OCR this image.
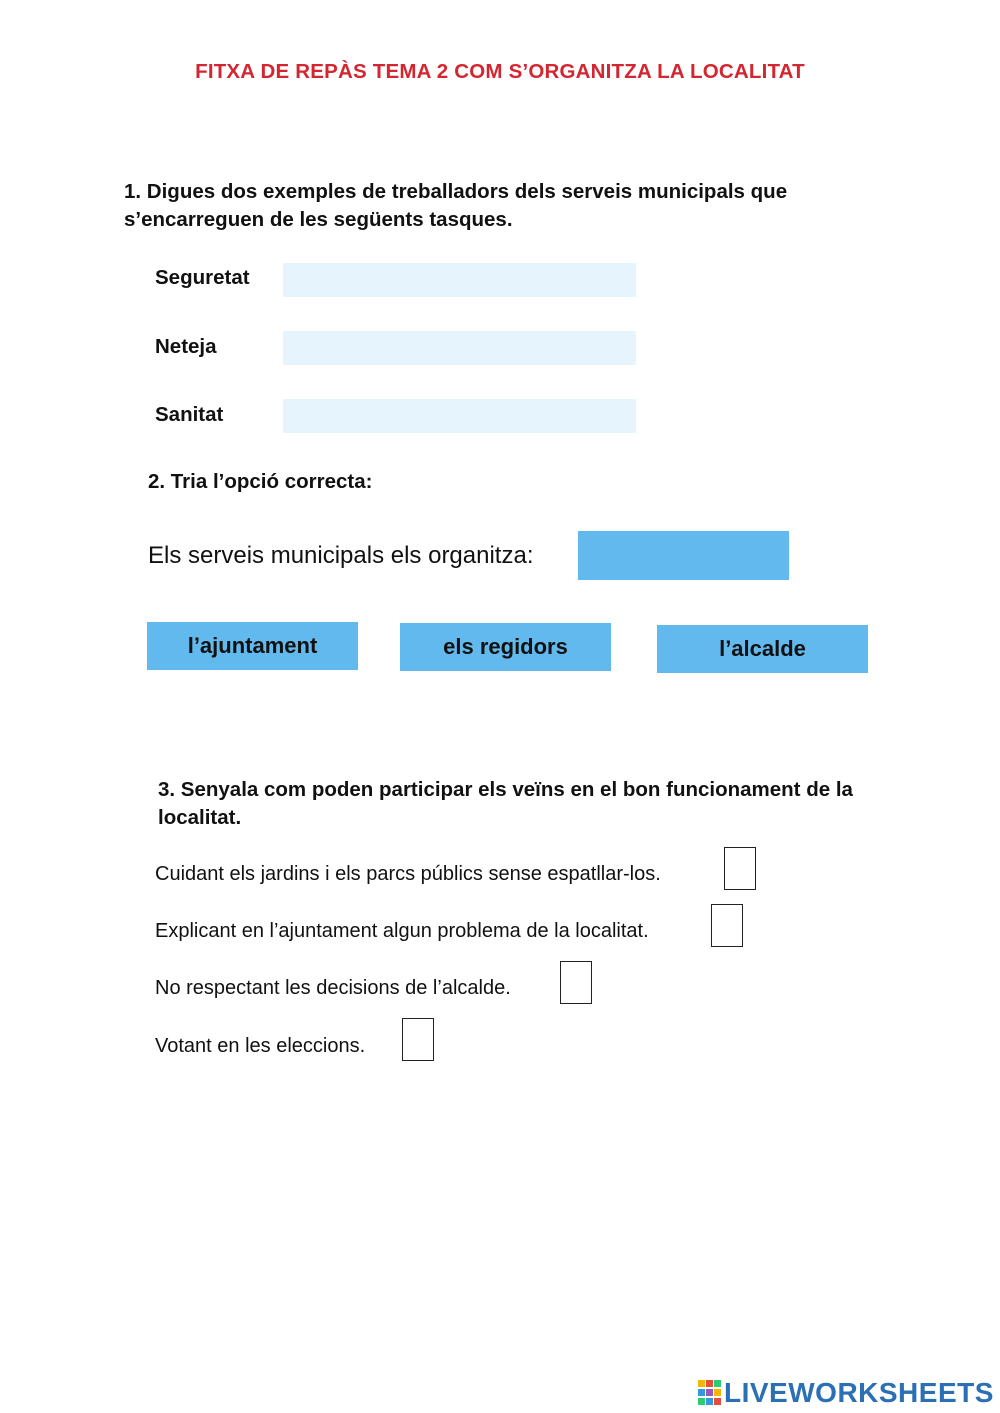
FITXA DE REPÀS TEMA 2 COM S’ORGANITZA LA LOCALITAT
1. Digues dos exemples de treballadors dels serveis municipals que
s’encarreguen de les següents tasques.
Seguretat
Neteja
Sanitat
2. Tria l’opció correcta:
Els serveis municipals els organitza:
l’ajuntament	els regidors	l’alcalde
3. Senyala com poden participar els veïns en el bon funcionament de la
localitat.
Cuidant els jardins i els parcs públics sense espatllar-los.
Explicant en l’ajuntament algun problema de la localitat.
No respectant les decisions de l’alcalde.
Votant en les eleccions.
LIVEWORKSHEETS
